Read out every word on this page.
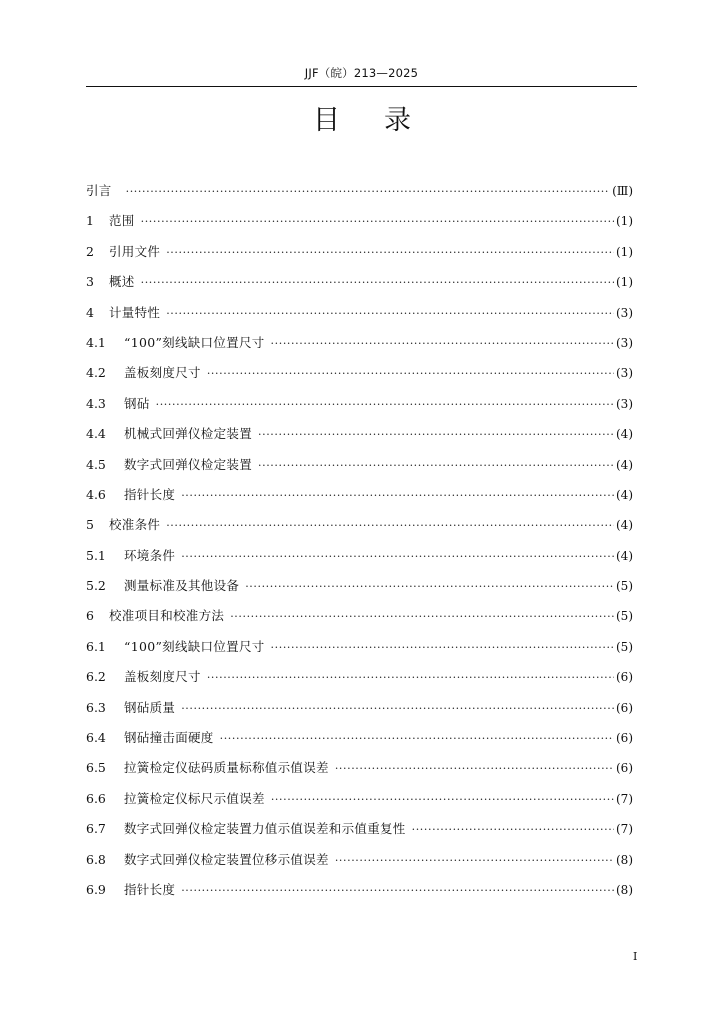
JJF（皖）213—2025
目录
引言 ·····	(Ⅲ)
1	范围 ·····	(1)
2	引用文件 ·····	(1)
3	概述 ·····	(1)
4	计量特性 ·····	(3)
4.1	“100”刻线缺口位置尺寸 ·····	(3)
4.2	盖板刻度尺寸 ·····	(3)
4.3	钢砧 ·····	(3)
4.4	机械式回弹仪检定装置 ·····	(4)
4.5	数字式回弹仪检定装置 ·····	(4)
4.6	指针长度 ·····	(4)
5	校准条件 ·····	(4)
5.1	环境条件 ·····	(4)
5.2	测量标准及其他设备 ·····	(5)
6	校准项目和校准方法 ·····	(5)
6.1	“100”刻线缺口位置尺寸 ·····	(5)
6.2	盖板刻度尺寸 ·····	(6)
6.3	钢砧质量 ·····	(6)
6.4	钢砧撞击面硬度 ·····	(6)
6.5	拉簧检定仪砝码质量标称值示值误差 ·····	(6)
6.6	拉簧检定仪标尺示值误差 ·····	(7)
6.7	数字式回弹仪检定装置力值示值误差和示值重复性 ·····	(7)
6.8	数字式回弹仪检定装置位移示值误差 ·····	(8)
6.9	指针长度 ·····	(8)
I
